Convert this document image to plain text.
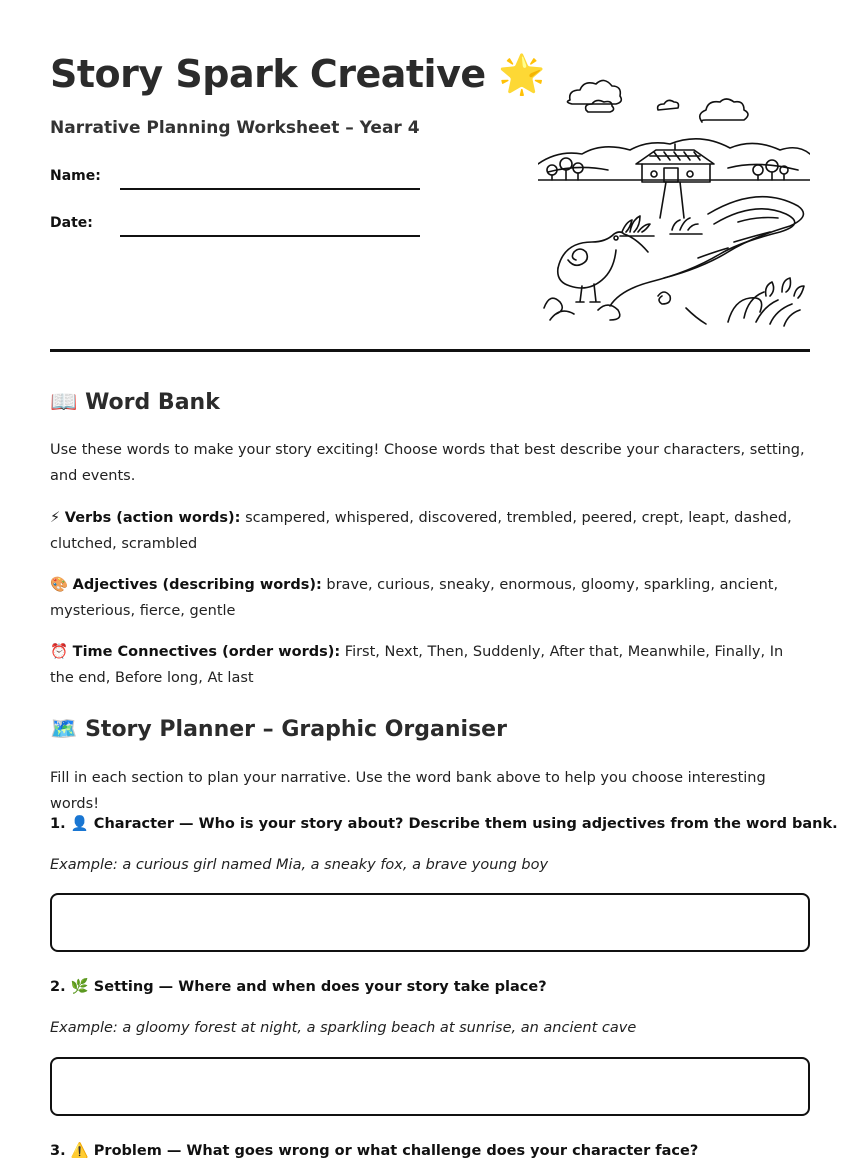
Story Spark Creative 🌟
Narrative Planning Worksheet – Year 4
Name:
Date:
📖 Word Bank

Use these words to make your story exciting! Choose words that best describe your characters, setting, and events.

⚡ Verbs (action words): scampered, whispered, discovered, trembled, peered, crept, leapt, dashed, clutched, scrambled

🎨 Adjectives (describing words): brave, curious, sneaky, enormous, gloomy, sparkling, ancient, mysterious, fierce, gentle

⏰ Time Connectives (order words): First, Next, Then, Suddenly, After that, Meanwhile, Finally, In the end, Before long, At last

🗺️ Story Planner – Graphic Organiser

Fill in each section to plan your narrative. Use the word bank above to help you choose interesting words!

1. 👤 Character — Who is your story about? Describe them using adjectives from the word bank.

Example: a curious girl named Mia, a sneaky fox, a brave young boy

2. 🌿 Setting — Where and when does your story take place?

Example: a gloomy forest at night, a sparkling beach at sunrise, an ancient cave

3. ⚠️ Problem — What goes wrong or what challenge does your character face?
